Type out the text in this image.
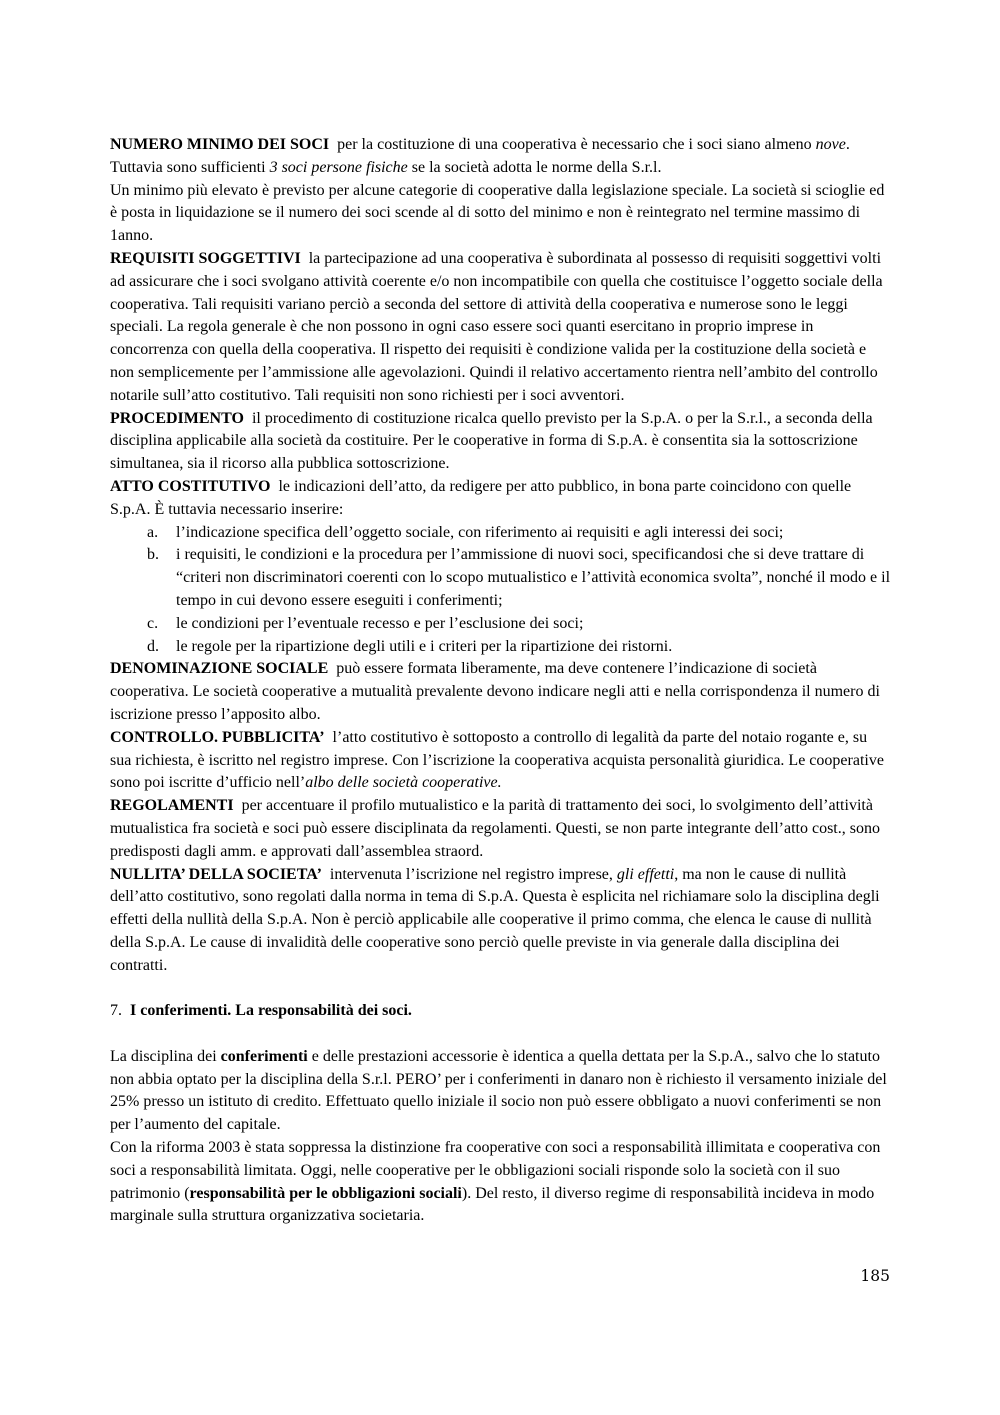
NUMERO MINIMO DEI SOCI per la costituzione di una cooperativa è necessario che i soci siano almeno nove. Tuttavia sono sufficienti 3 soci persone fisiche se la società adotta le norme della S.r.l.

Un minimo più elevato è previsto per alcune categorie di cooperative dalla legislazione speciale. La società si scioglie ed è posta in liquidazione se il numero dei soci scende al di sotto del minimo e non è reintegrato nel termine massimo di 1anno.

REQUISITI SOGGETTIVI la partecipazione ad una cooperativa è subordinata al possesso di requisiti soggettivi volti ad assicurare che i soci svolgano attività coerente e/o non incompatibile con quella che costituisce l’oggetto sociale della cooperativa. Tali requisiti variano perciò a seconda del settore di attività della cooperativa e numerose sono le leggi speciali. La regola generale è che non possono in ogni caso essere soci quanti esercitano in proprio imprese in concorrenza con quella della cooperativa. Il rispetto dei requisiti è condizione valida per la costituzione della società e non semplicemente per l’ammissione alle agevolazioni. Quindi il relativo accertamento rientra nell’ambito del controllo notarile sull’atto costitutivo. Tali requisiti non sono richiesti per i soci avventori.

PROCEDIMENTO il procedimento di costituzione ricalca quello previsto per la S.p.A. o per la S.r.l., a seconda della disciplina applicabile alla società da costituire. Per le cooperative in forma di S.p.A. è consentita sia la sottoscrizione simultanea, sia il ricorso alla pubblica sottoscrizione.

ATTO COSTITUTIVO le indicazioni dell’atto, da redigere per atto pubblico, in bona parte coincidono con quelle S.p.A. È tuttavia necessario inserire:

a. l’indicazione specifica dell’oggetto sociale, con riferimento ai requisiti e agli interessi dei soci;
b. i requisiti, le condizioni e la procedura per l’ammissione di nuovi soci, specificandosi che si deve trattare di “criteri non discriminatori coerenti con lo scopo mutualistico e l’attività economica svolta”, nonché il modo e il tempo in cui devono essere eseguiti i conferimenti;
c. le condizioni per l’eventuale recesso e per l’esclusione dei soci;
d. le regole per la ripartizione degli utili e i criteri per la ripartizione dei ristorni.

DENOMINAZIONE SOCIALE può essere formata liberamente, ma deve contenere l’indicazione di società cooperativa. Le società cooperative a mutualità prevalente devono indicare negli atti e nella corrispondenza il numero di iscrizione presso l’apposito albo.

CONTROLLO. PUBBLICITA’ l’atto costitutivo è sottoposto a controllo di legalità da parte del notaio rogante e, su sua richiesta, è iscritto nel registro imprese. Con l’iscrizione la cooperativa acquista personalità giuridica. Le cooperative sono poi iscritte d’ufficio nell’albo delle società cooperative.

REGOLAMENTI per accentuare il profilo mutualistico e la parità di trattamento dei soci, lo svolgimento dell’attività mutualistica fra società e soci può essere disciplinata da regolamenti. Questi, se non parte integrante dell’atto cost., sono predisposti dagli amm. e approvati dall’assemblea straord.

NULLITA’ DELLA SOCIETA’ intervenuta l’iscrizione nel registro imprese, gli effetti, ma non le cause di nullità dell’atto costitutivo, sono regolati dalla norma in tema di S.p.A. Questa è esplicita nel richiamare solo la disciplina degli effetti della nullità della S.p.A. Non è perciò applicabile alle cooperative il primo comma, che elenca le cause di nullità della S.p.A. Le cause di invalidità delle cooperative sono perciò quelle previste in via generale dalla disciplina dei contratti.

7. I conferimenti. La responsabilità dei soci.

La disciplina dei conferimenti e delle prestazioni accessorie è identica a quella dettata per la S.p.A., salvo che lo statuto non abbia optato per la disciplina della S.r.l. PERO’ per i conferimenti in danaro non è richiesto il versamento iniziale del 25% presso un istituto di credito. Effettuato quello iniziale il socio non può essere obbligato a nuovi conferimenti se non per l’aumento del capitale.

Con la riforma 2003 è stata soppressa la distinzione fra cooperative con soci a responsabilità illimitata e cooperativa con soci a responsabilità limitata. Oggi, nelle cooperative per le obbligazioni sociali risponde solo la società con il suo patrimonio (responsabilità per le obbligazioni sociali). Del resto, il diverso regime di responsabilità incideva in modo marginale sulla struttura organizzativa societaria.

185
